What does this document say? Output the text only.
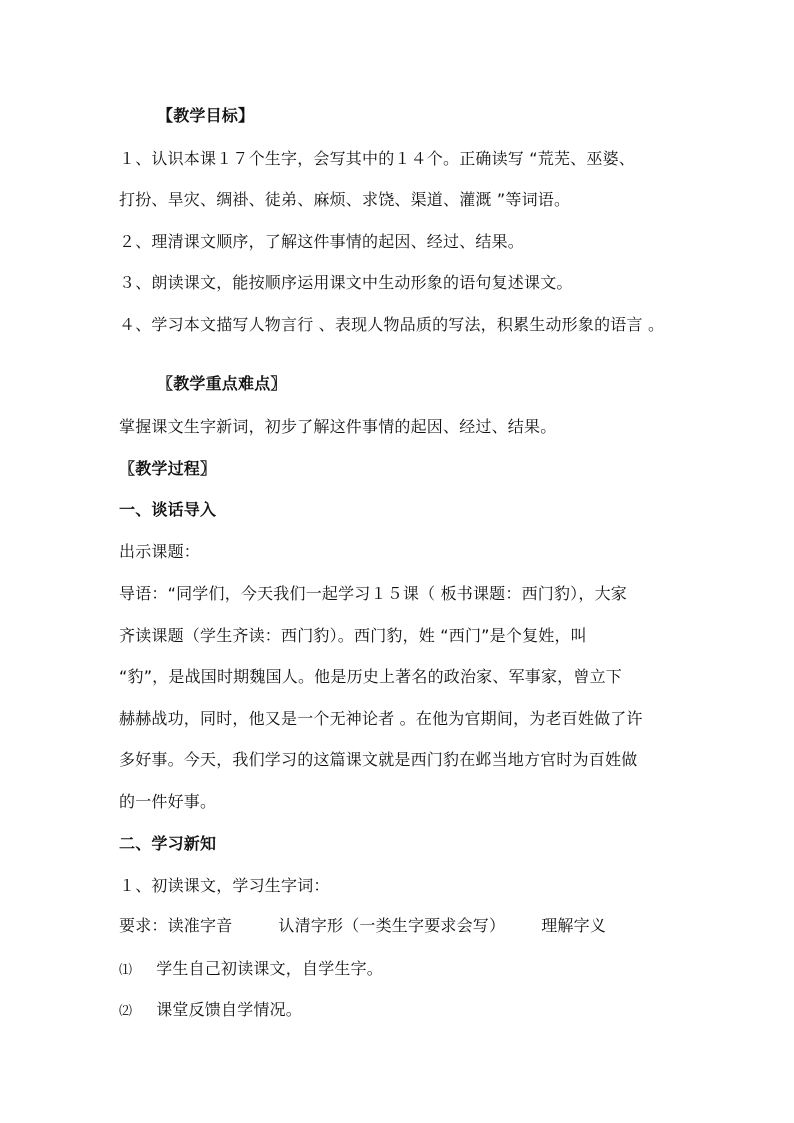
【教学目标】
１、认识本课１７个生字，会写其中的１４个。正确读写 “荒芜、巫婆、
打扮、旱灾、绸褂、徒弟、麻烦、求饶、渠道、灌溉 ”等词语。
２、理清课文顺序，了解这件事情的起因、经过、结果。
３、朗读课文，能按顺序运用课文中生动形象的语句复述课文。
４、学习本文描写人物言行 、表现人物品质的写法，积累生动形象的语言 。
〖教学重点难点〗
掌握课文生字新词，初步了解这件事情的起因、经过、结果。
〖教学过程〗
一、谈话导入
出示课题：
导语：“同学们，今天我们一起学习１５课（ 板书课题：西门豹），大家
齐读课题（学生齐读：西门豹）。西门豹，姓 “西门”是个复姓，叫
“豹”，是战国时期魏国人。他是历史上著名的政治家、军事家，曾立下
赫赫战功，同时，他又是一个无神论者 。在他为官期间，为老百姓做了许
多好事。今天，我们学习的这篇课文就是西门豹在邺当地方官时为百姓做
的一件好事。
二、学习新知
１、初读课文，学习生字词：
要求：读准字音	认清字形（一类生字要求会写） 理解字义
⑴ 学生自己初读课文，自学生字。
⑵ 课堂反馈自学情况。
